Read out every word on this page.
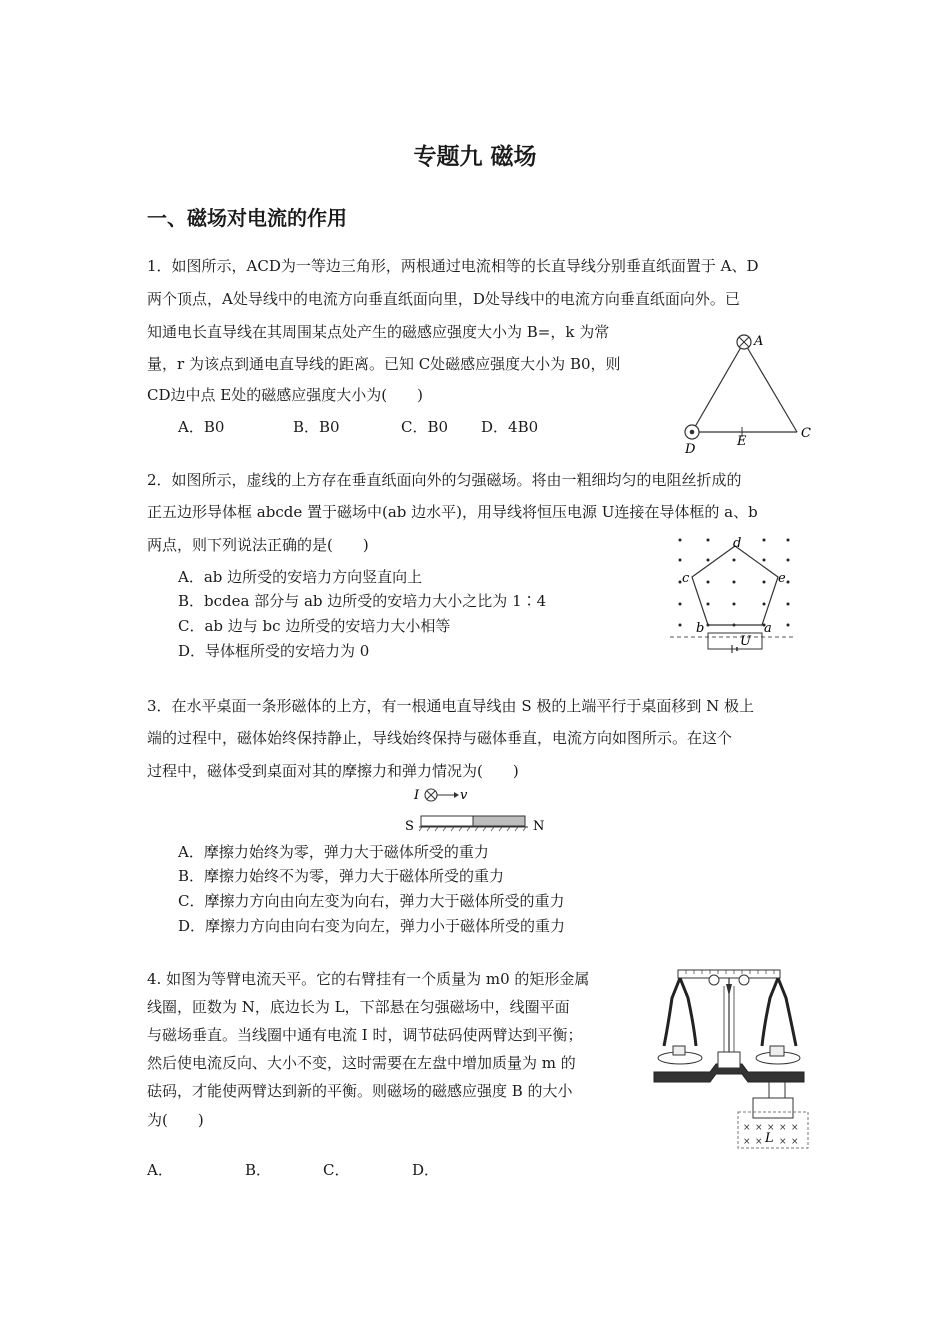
专题九 磁场
一、磁场对电流的作用
1．如图所示，ACD为一等边三角形，两根通过电流相等的长直导线分别垂直纸面置于 A、D
两个顶点，A处导线中的电流方向垂直纸面向里，D处导线中的电流方向垂直纸面向外。已
知通电长直导线在其周围某点处产生的磁感应强度大小为 B=，k 为常
量，r 为该点到通电直导线的距离。已知 C处磁感应强度大小为 B0，则
CD边中点 E处的磁感应强度大小为(　　)
A．B0	B．B0	C．B0 D．4B0
A
C
D
E
2．如图所示，虚线的上方存在垂直纸面向外的匀强磁场。将由一粗细均匀的电阻丝折成的
正五边形导体框 abcde 置于磁场中(ab 边水平)，用导线将恒压电源 U连接在导体框的 a、b
两点，则下列说法正确的是(　　)
A．ab 边所受的安培力方向竖直向上
B．bcdea 部分与 ab 边所受的安培力大小之比为 1∶4
C．ab 边与 bc 边所受的安培力大小相等
D．导体框所受的安培力为 0
d
c	e
b	a
U
3．在水平桌面一条形磁体的上方，有一根通电直导线由 S 极的上端平行于桌面移到 N 极上
端的过程中，磁体始终保持静止，导线始终保持与磁体垂直，电流方向如图所示。在这个
过程中，磁体受到桌面对其的摩擦力和弹力情况为(　　)
I	v
S	N
A．摩擦力始终为零，弹力大于磁体所受的重力
B．摩擦力始终不为零，弹力大于磁体所受的重力
C．摩擦力方向由向左变为向右，弹力大于磁体所受的重力
D．摩擦力方向由向右变为向左，弹力小于磁体所受的重力
4. 如图为等臂电流天平。它的右臂挂有一个质量为 m0 的矩形金属
线圈，匝数为 N，底边长为 L，下部悬在匀强磁场中，线圈平面
与磁场垂直。当线圈中通有电流 I 时，调节砝码使两臂达到平衡；
然后使电流反向、大小不变，这时需要在左盘中增加质量为 m 的
砝码，才能使两臂达到新的平衡。则磁场的磁感应强度 B 的大小
为(　　)
A．	B．	C．	D．
× × × × ×
× × × ×
L
